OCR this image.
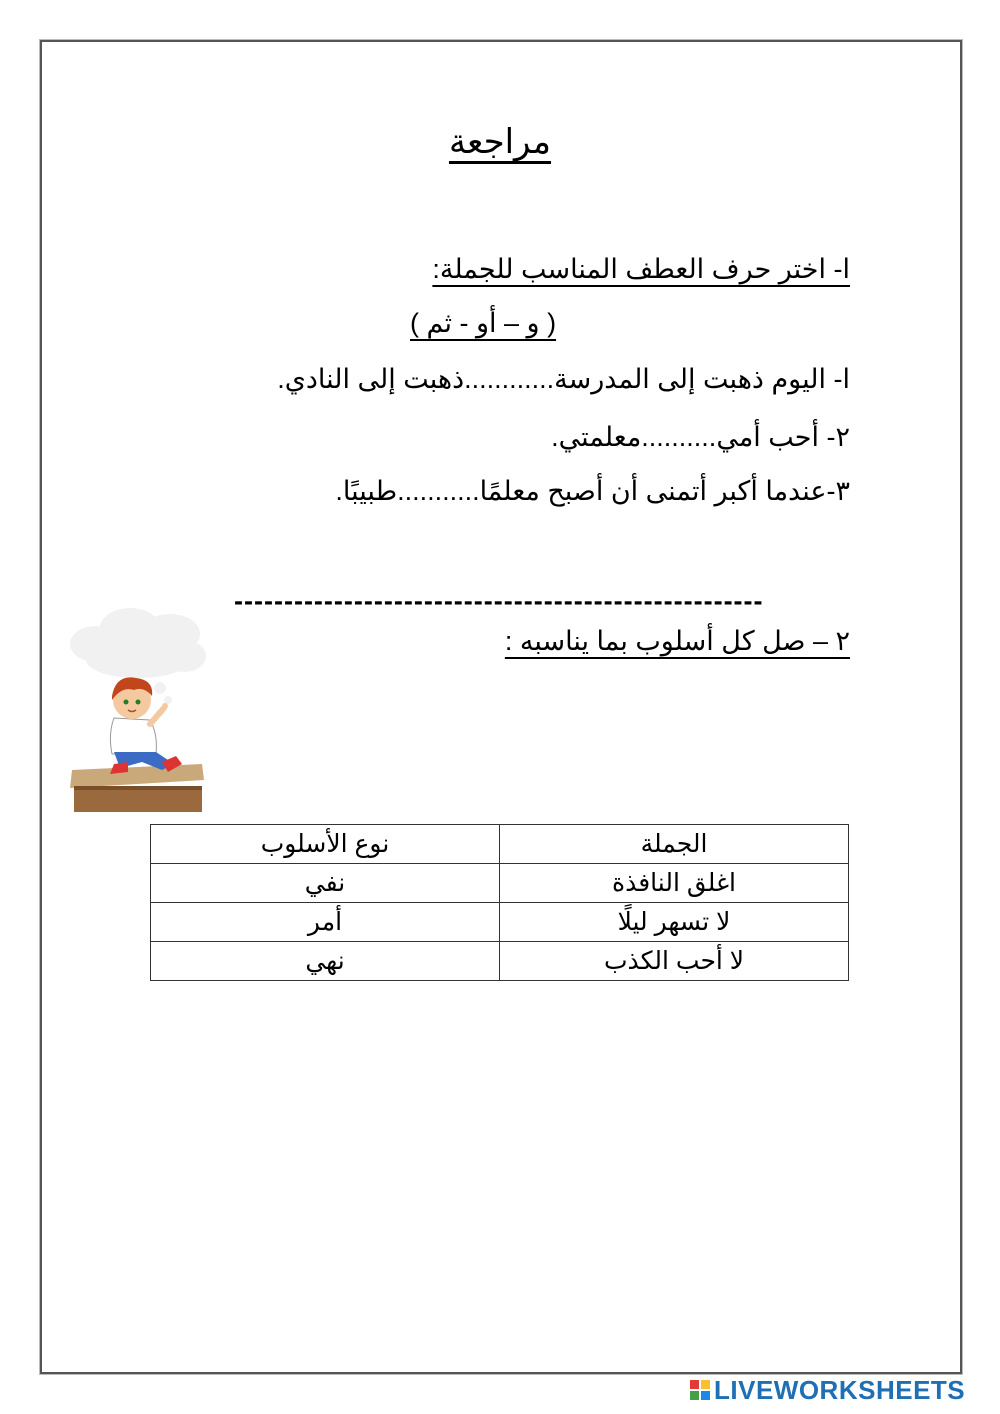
مراجعة
ا- اختر حرف العطف المناسب للجملة:
( و – أو - ثم )
ا- اليوم ذهبت إلى المدرسة............ذهبت إلى النادي.
٢- أحب أمي..........معلمتي.
٣-عندما أكبر أتمنى أن أصبح معلمًا...........طبيبًا.
-----------------------------------------------------
٢ – صل كل أسلوب بما يناسبه :
الجملة	نوع الأسلوب
اغلق النافذة	نفي
لا تسهر ليلًا	أمر
لا أحب الكذب	نهي
LIVEWORKSHEETS
